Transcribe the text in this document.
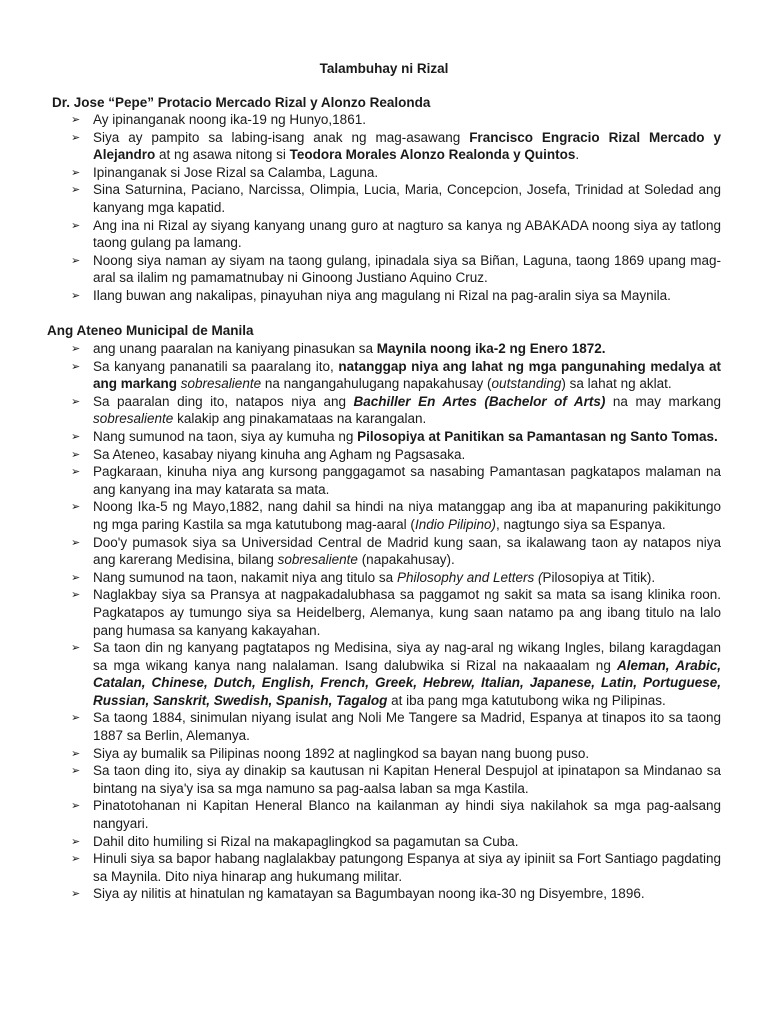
Talambuhay ni Rizal
Dr. Jose “Pepe” Protacio Mercado Rizal y Alonzo Realonda
➢ Ay ipinanganak noong ika-19 ng Hunyo,1861.
➢ Siya ay pampito sa labing-isang anak ng mag-asawang Francisco Engracio Rizal Mercado y Alejandro at ng asawa nitong si Teodora Morales Alonzo Realonda y Quintos.
➢ Ipinanganak si Jose Rizal sa Calamba, Laguna.
➢ Sina Saturnina, Paciano, Narcissa, Olimpia, Lucia, Maria, Concepcion, Josefa, Trinidad at Soledad ang kanyang mga kapatid.
➢ Ang ina ni Rizal ay siyang kanyang unang guro at nagturo sa kanya ng ABAKADA noong siya ay tatlong taong gulang pa lamang.
➢ Noong siya naman ay siyam na taong gulang, ipinadala siya sa Biñan, Laguna, taong 1869 upang mag-aral sa ilalim ng pamamatnubay ni Ginoong Justiano Aquino Cruz.
➢ Ilang buwan ang nakalipas, pinayuhan niya ang magulang ni Rizal na pag-aralin siya sa Maynila.
Ang Ateneo Municipal de Manila
➢ ang unang paaralan na kaniyang pinasukan sa Maynila noong ika-2 ng Enero 1872.
➢ Sa kanyang pananatili sa paaralang ito, natanggap niya ang lahat ng mga pangunahing medalya at ang markang sobresaliente na nangangahulugang napakahusay (outstanding) sa lahat ng aklat.
➢ Sa paaralan ding ito, natapos niya ang Bachiller En Artes (Bachelor of Arts) na may markang sobresaliente kalakip ang pinakamataas na karangalan.
➢ Nang sumunod na taon, siya ay kumuha ng Pilosopiya at Panitikan sa Pamantasan ng Santo Tomas.
➢ Sa Ateneo, kasabay niyang kinuha ang Agham ng Pagsasaka.
➢ Pagkaraan, kinuha niya ang kursong panggagamot sa nasabing Pamantasan pagkatapos malaman na ang kanyang ina may katarata sa mata.
➢ Noong Ika-5 ng Mayo,1882, nang dahil sa hindi na niya matanggap ang iba at mapanuring pakikitungo ng mga paring Kastila sa mga katutubong mag-aaral (Indio Pilipino), nagtungo siya sa Espanya.
➢ Doo'y pumasok siya sa Universidad Central de Madrid kung saan, sa ikalawang taon ay natapos niya ang karerang Medisina, bilang sobresaliente (napakahusay).
➢ Nang sumunod na taon, nakamit niya ang titulo sa Philosophy and Letters (Pilosopiya at Titik).
➢ Naglakbay siya sa Pransya at nagpakadalubhasa sa paggamot ng sakit sa mata sa isang klinika roon. Pagkatapos ay tumungo siya sa Heidelberg, Alemanya, kung saan natamo pa ang ibang titulo na lalo pang humasa sa kanyang kakayahan.
➢ Sa taon din ng kanyang pagtatapos ng Medisina, siya ay nag-aral ng wikang Ingles, bilang karagdagan sa mga wikang kanya nang nalalaman. Isang dalubwika si Rizal na nakaaalam ng Aleman, Arabic, Catalan, Chinese, Dutch, English, French, Greek, Hebrew, Italian, Japanese, Latin, Portuguese, Russian, Sanskrit, Swedish, Spanish, Tagalog at iba pang mga katutubong wika ng Pilipinas.
➢ Sa taong 1884, sinimulan niyang isulat ang Noli Me Tangere sa Madrid, Espanya at tinapos ito sa taong 1887 sa Berlin, Alemanya.
➢ Siya ay bumalik sa Pilipinas noong 1892 at naglingkod sa bayan nang buong puso.
➢ Sa taon ding ito, siya ay dinakip sa kautusan ni Kapitan Heneral Despujol at ipinatapon sa Mindanao sa bintang na siya'y isa sa mga namuno sa pag-aalsa laban sa mga Kastila.
➢ Pinatotohanan ni Kapitan Heneral Blanco na kailanman ay hindi siya nakilahok sa mga pag-aalsang nangyari.
➢ Dahil dito humiling si Rizal na makapaglingkod sa pagamutan sa Cuba.
➢ Hinuli siya sa bapor habang naglalakbay patungong Espanya at siya ay ipiniit sa Fort Santiago pagdating sa Maynila. Dito niya hinarap ang hukumang militar.
➢ Siya ay nilitis at hinatulan ng kamatayan sa Bagumbayan noong ika-30 ng Disyembre, 1896.
